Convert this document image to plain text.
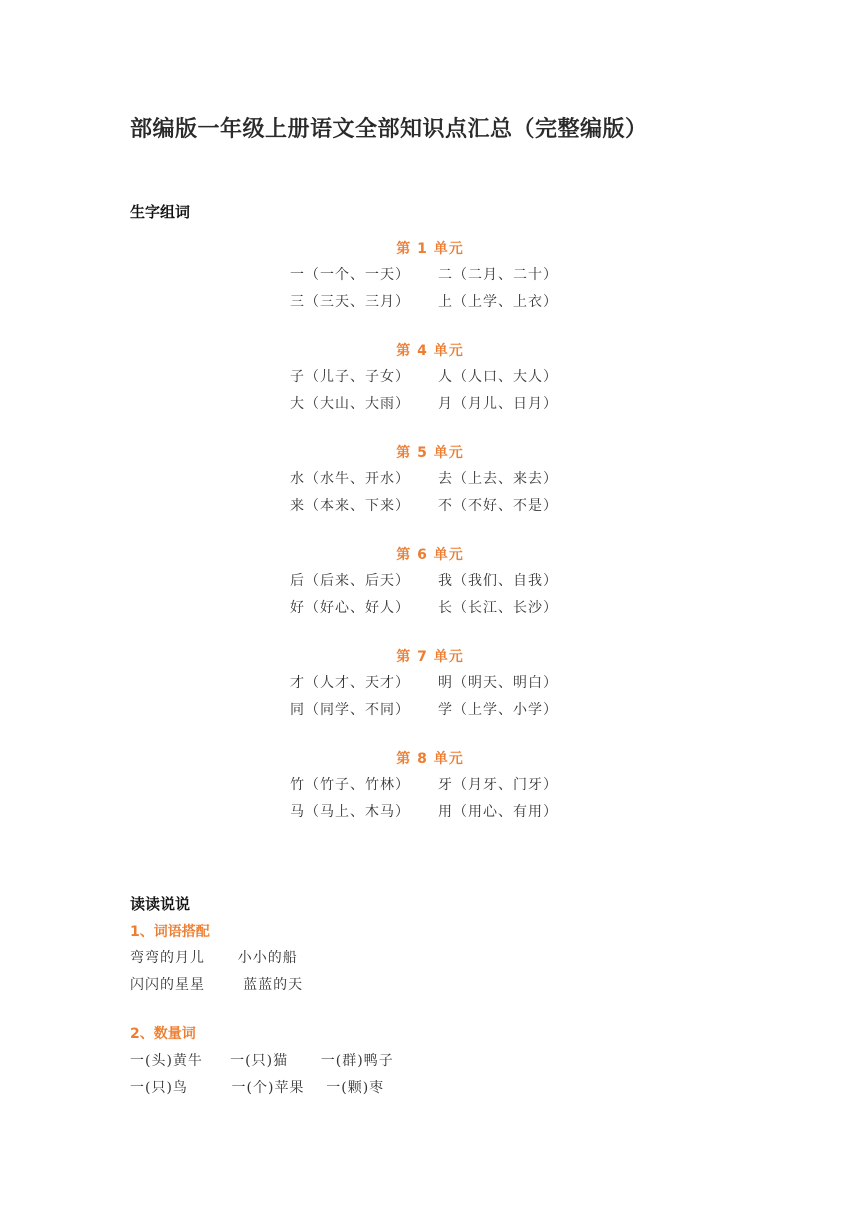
部编版一年级上册语文全部知识点汇总（完整编版）
生字组词
第 1 单元
一（一个、一天） 二（二月、二十）
三（三天、三月） 上（上学、上衣）
第 4 单元
子（儿子、子女） 人（人口、大人）
大（大山、大雨） 月（月儿、日月）
第 5 单元
水（水牛、开水） 去（上去、来去）
来（本来、下来） 不（不好、不是）
第 6 单元
后（后来、后天） 我（我们、自我）
好（好心、好人） 长（长江、长沙）
第 7 单元
才（人才、天才） 明（明天、明白）
同（同学、不同） 学（上学、小学）
第 8 单元
竹（竹子、竹林） 牙（月牙、门牙）
马（马上、木马） 用（用心、有用）
读读说说
1、词语搭配
弯弯的月儿      小小的船
闪闪的星星       蓝蓝的天
2、数量词
一(头)黄牛     一(只)猫      一(群)鸭子
一(只)鸟        一(个)苹果    一(颗)枣
